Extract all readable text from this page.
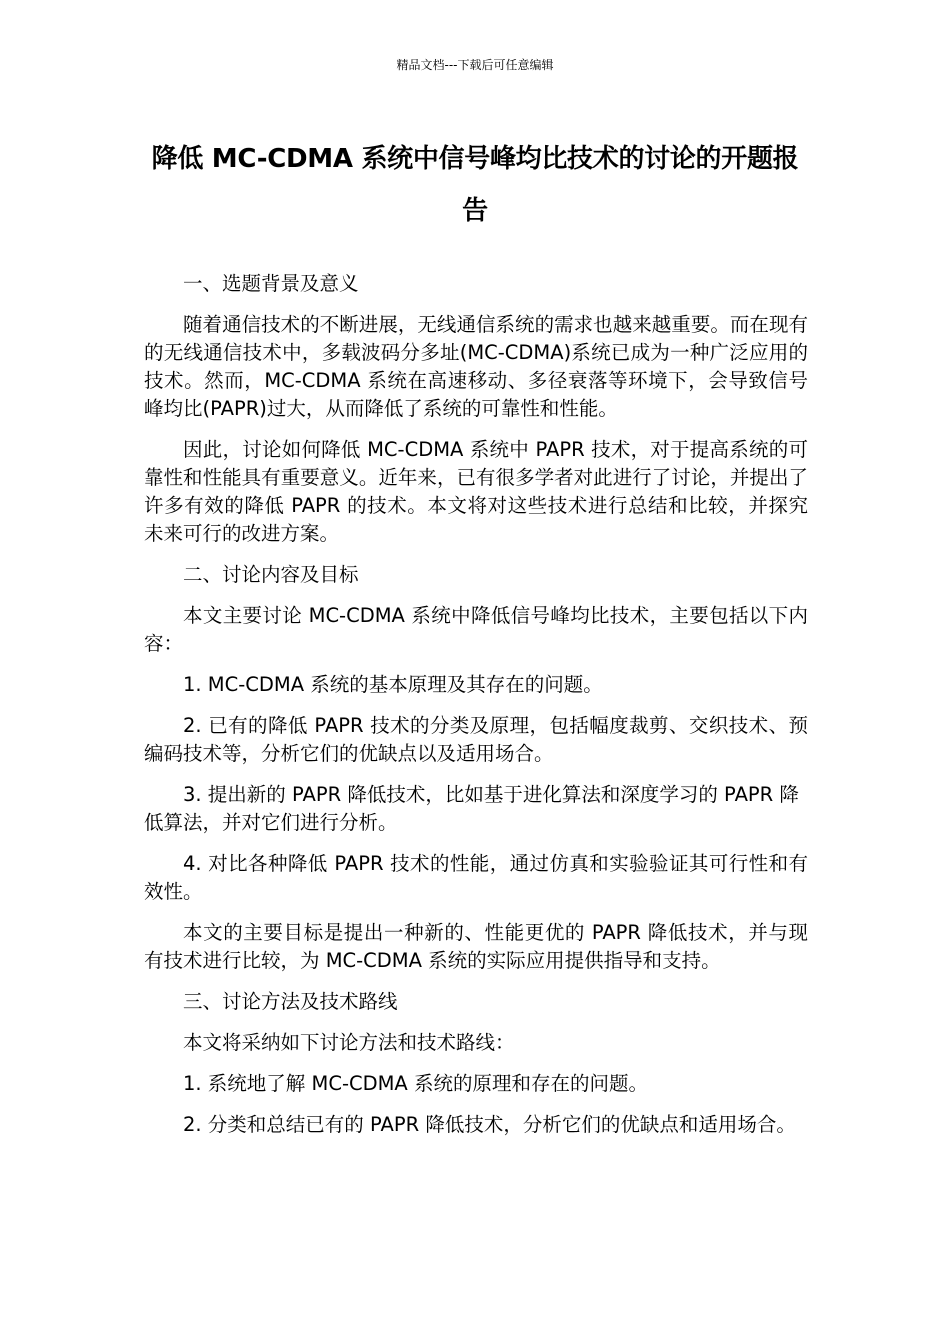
精品文档---下载后可任意编辑
降低 MC-CDMA 系统中信号峰均比技术的讨论的开题报告

一、选题背景及意义

随着通信技术的不断进展，无线通信系统的需求也越来越重要。而在现有的无线通信技术中，多载波码分多址(MC-CDMA)系统已成为一种广泛应用的技术。然而，MC-CDMA 系统在高速移动、多径衰落等环境下，会导致信号峰均比(PAPR)过大，从而降低了系统的可靠性和性能。

因此，讨论如何降低 MC-CDMA 系统中 PAPR 技术，对于提高系统的可靠性和性能具有重要意义。近年来，已有很多学者对此进行了讨论，并提出了许多有效的降低 PAPR 的技术。本文将对这些技术进行总结和比较，并探究未来可行的改进方案。

二、讨论内容及目标

本文主要讨论 MC-CDMA 系统中降低信号峰均比技术，主要包括以下内容：

1. MC-CDMA 系统的基本原理及其存在的问题。

2. 已有的降低 PAPR 技术的分类及原理，包括幅度裁剪、交织技术、预编码技术等，分析它们的优缺点以及适用场合。

3. 提出新的 PAPR 降低技术，比如基于进化算法和深度学习的 PAPR 降低算法，并对它们进行分析。

4. 对比各种降低 PAPR 技术的性能，通过仿真和实验验证其可行性和有效性。

本文的主要目标是提出一种新的、性能更优的 PAPR 降低技术，并与现有技术进行比较，为 MC-CDMA 系统的实际应用提供指导和支持。

三、讨论方法及技术路线

本文将采纳如下讨论方法和技术路线：

1. 系统地了解 MC-CDMA 系统的原理和存在的问题。

2. 分类和总结已有的 PAPR 降低技术，分析它们的优缺点和适用场合。
